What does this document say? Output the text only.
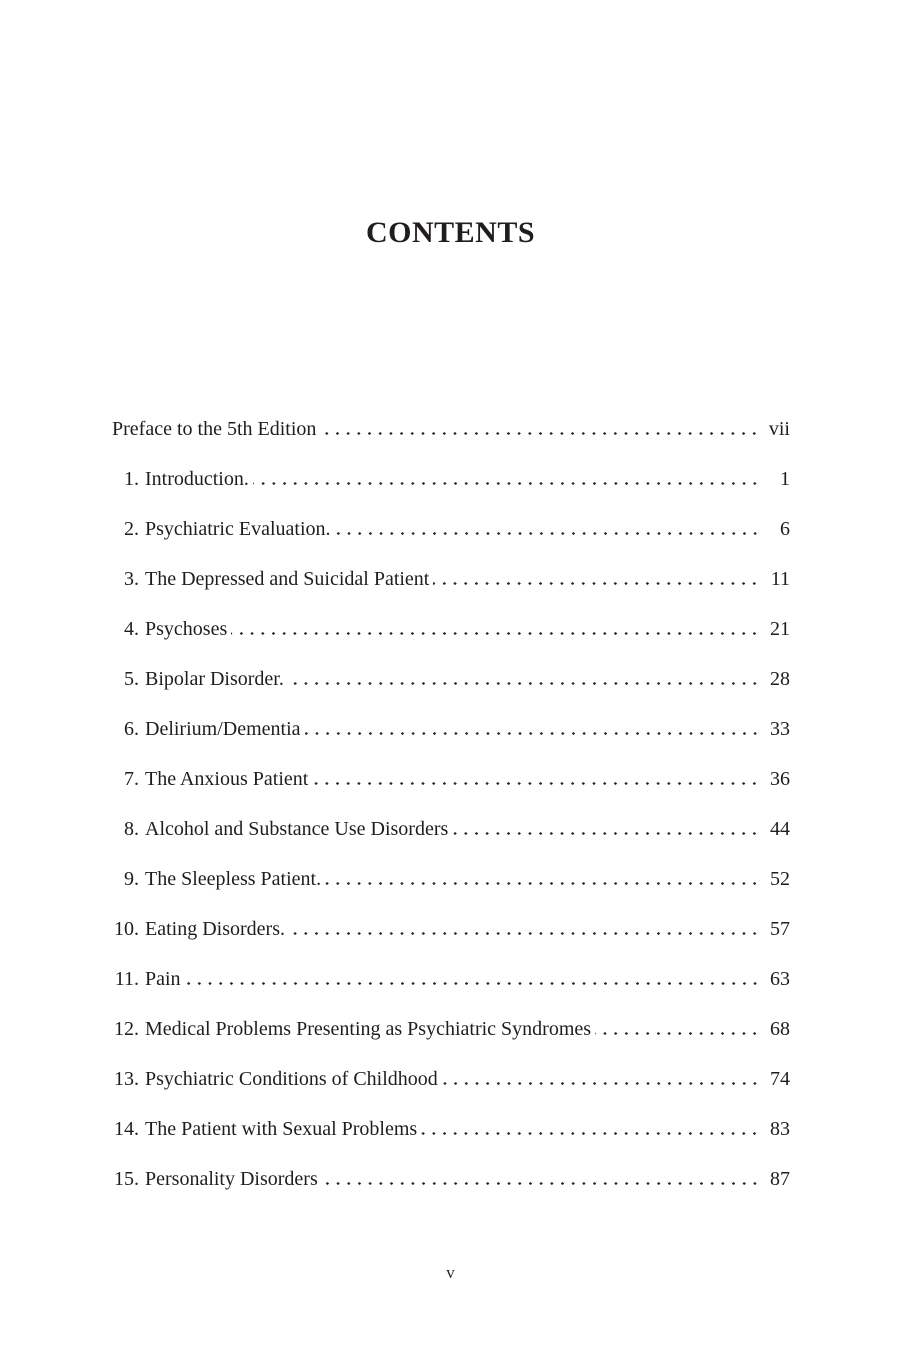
CONTENTS
Preface to the 5th Edition	vii
1. Introduction.	1
2. Psychiatric Evaluation.	6
3. The Depressed and Suicidal Patient	11
4. Psychoses	21
5. Bipolar Disorder.	28
6. Delirium/Dementia	33
7. The Anxious Patient	36
8. Alcohol and Substance Use Disorders	44
9. The Sleepless Patient.	52
10. Eating Disorders.	57
11. Pain	63
12. Medical Problems Presenting as Psychiatric Syndromes	68
13. Psychiatric Conditions of Childhood	74
14. The Patient with Sexual Problems	83
15. Personality Disorders	87
v
